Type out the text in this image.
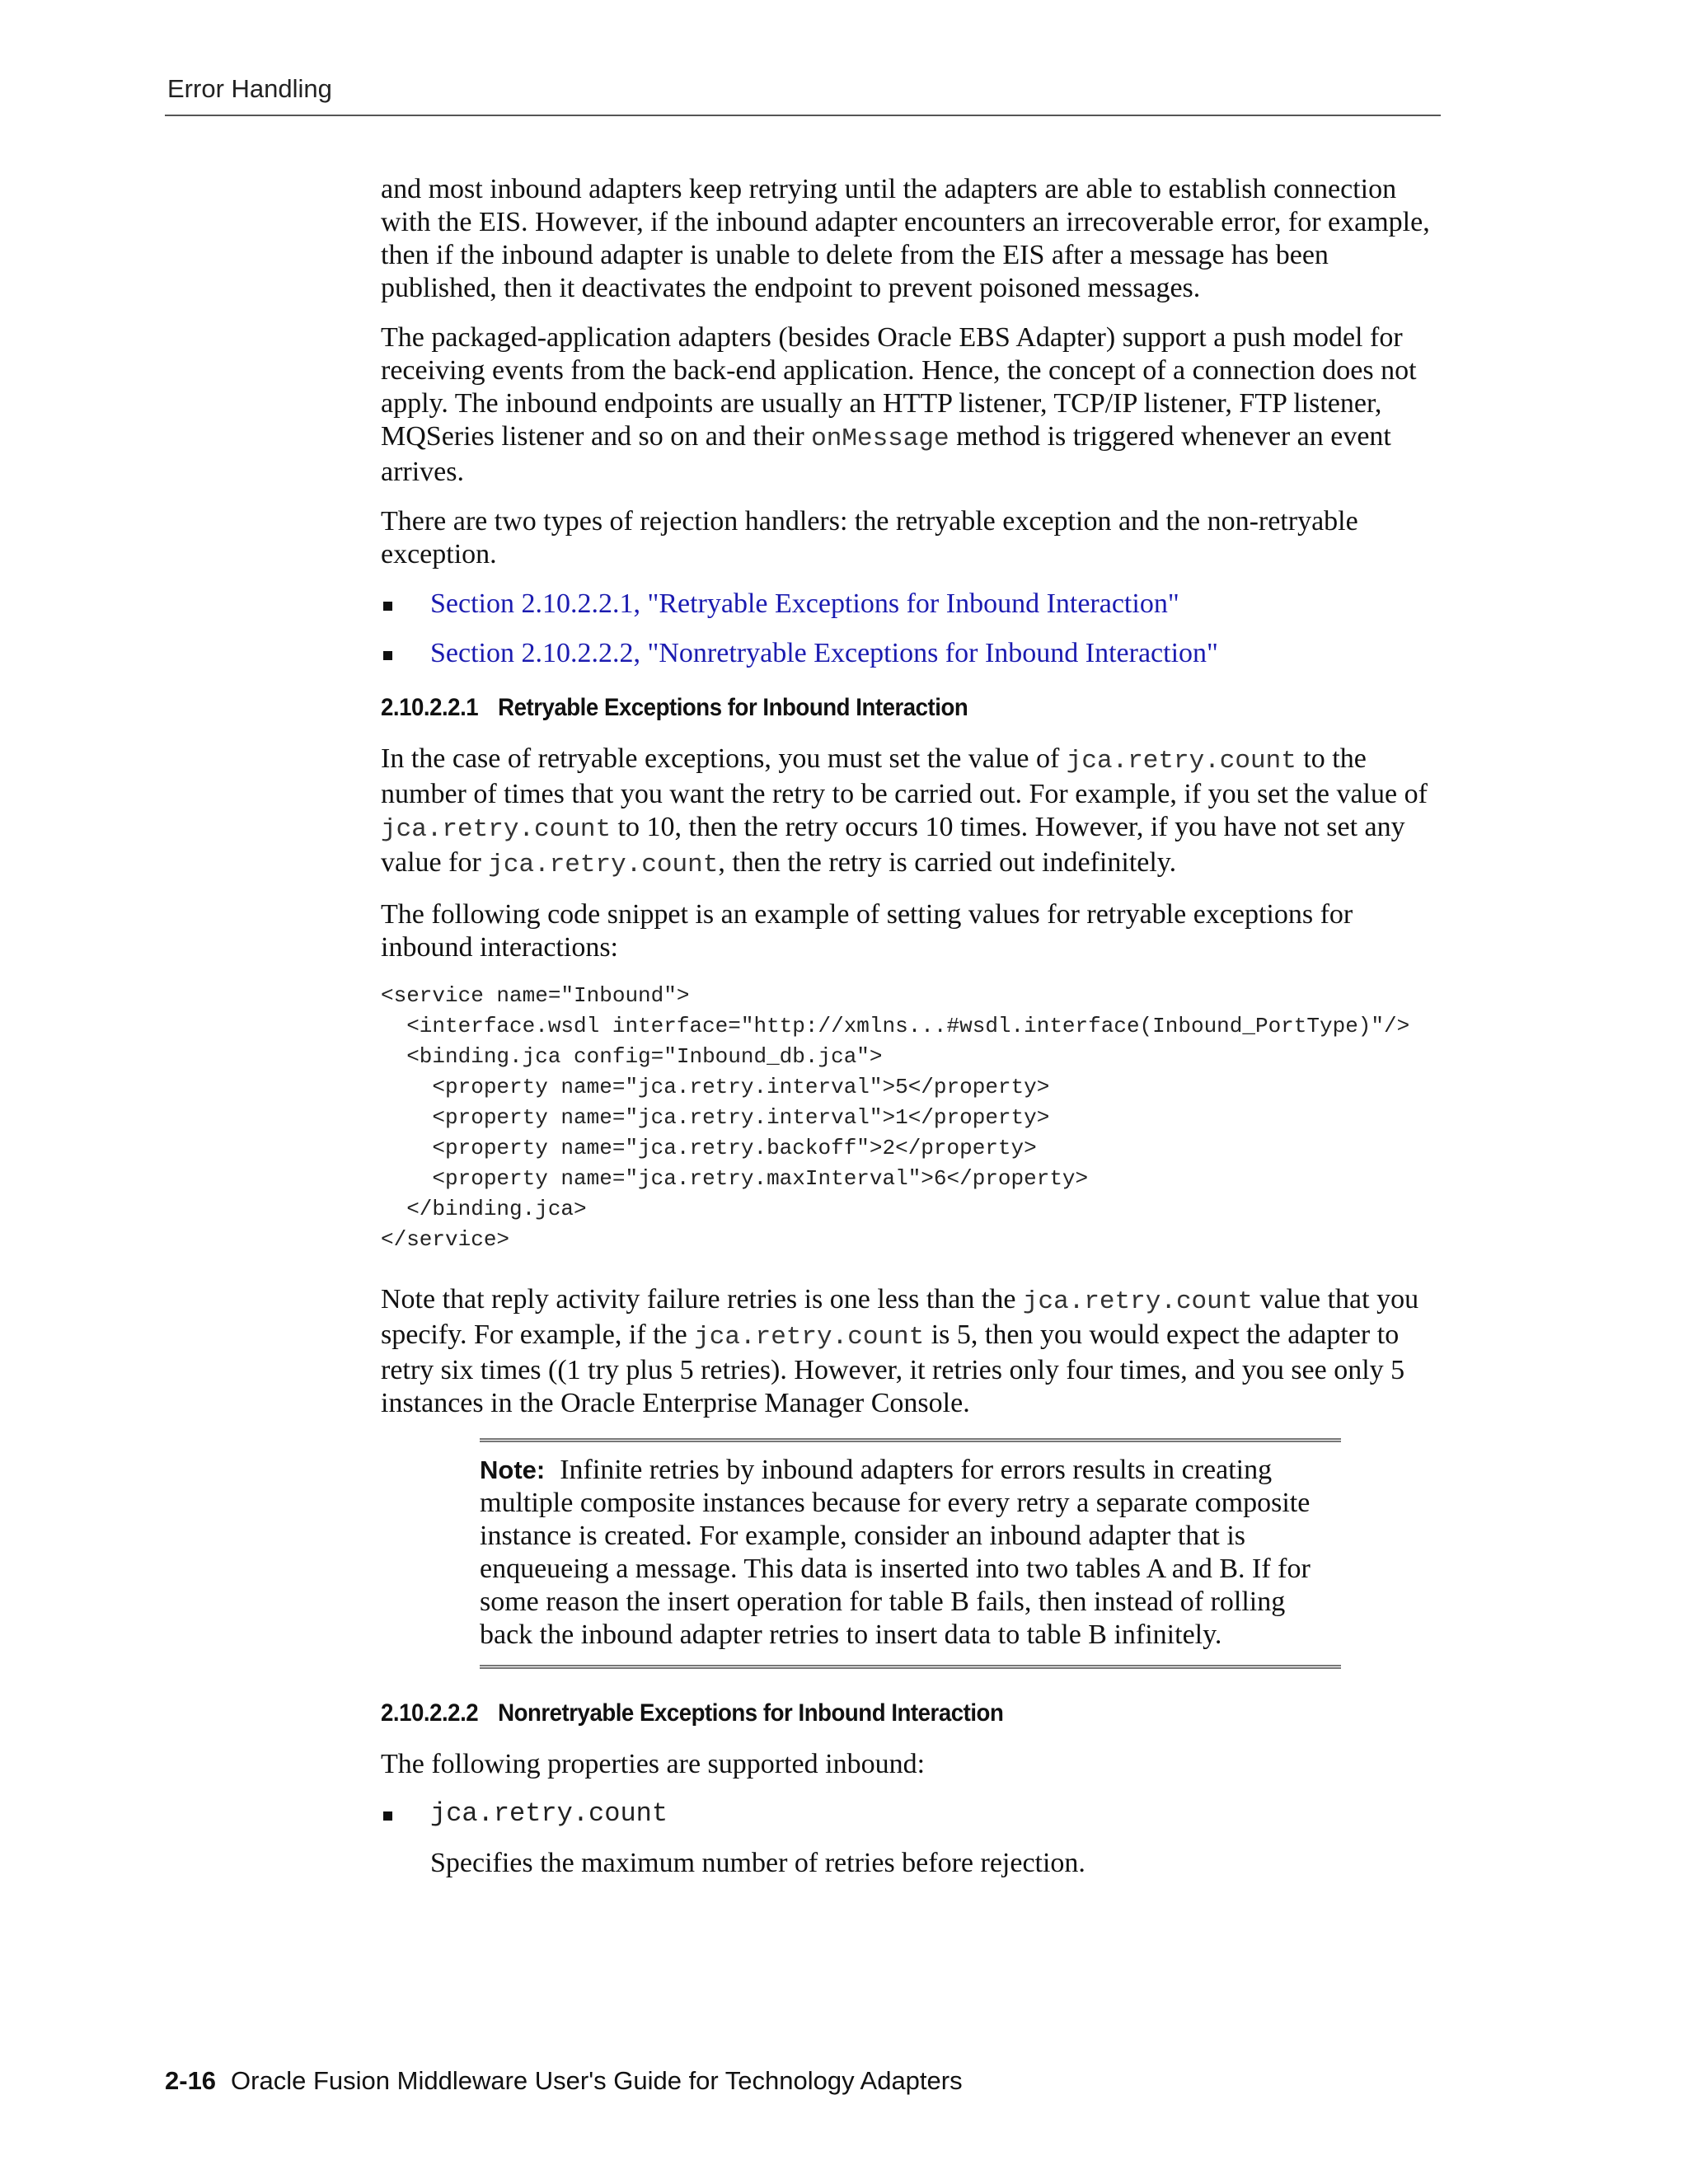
Error Handling

and most inbound adapters keep retrying until the adapters are able to establish connection with the EIS. However, if the inbound adapter encounters an irrecoverable error, for example, then if the inbound adapter is unable to delete from the EIS after a message has been published, then it deactivates the endpoint to prevent poisoned messages.

The packaged-application adapters (besides Oracle EBS Adapter) support a push model for receiving events from the back-end application. Hence, the concept of a connection does not apply. The inbound endpoints are usually an HTTP listener, TCP/IP listener, FTP listener, MQSeries listener and so on and their onMessage method is triggered whenever an event arrives.

There are two types of rejection handlers: the retryable exception and the non-retryable exception.

Section 2.10.2.2.1, "Retryable Exceptions for Inbound Interaction"
Section 2.10.2.2.2, "Nonretryable Exceptions for Inbound Interaction"
2.10.2.2.1 Retryable Exceptions for Inbound Interaction

In the case of retryable exceptions, you must set the value of jca.retry.count to the number of times that you want the retry to be carried out. For example, if you set the value of jca.retry.count to 10, then the retry occurs 10 times. However, if you have not set any value for jca.retry.count, then the retry is carried out indefinitely.

The following code snippet is an example of setting values for retryable exceptions for inbound interactions:

<service name="Inbound">
<interface.wsdl interface="http://xmlns...#wsdl.interface(Inbound_PortType)"/>
<binding.jca config="Inbound_db.jca">
<property name="jca.retry.interval">5</property>
<property name="jca.retry.interval">1</property>
<property name="jca.retry.backoff">2</property>
<property name="jca.retry.maxInterval">6</property>
</binding.jca>
</service>

Note that reply activity failure retries is one less than the jca.retry.count value that you specify. For example, if the jca.retry.count is 5, then you would expect the adapter to retry six times ((1 try plus 5 retries). However, it retries only four times, and you see only 5 instances in the Oracle Enterprise Manager Console.

Note: Infinite retries by inbound adapters for errors results in creating multiple composite instances because for every retry a separate composite instance is created. For example, consider an inbound adapter that is enqueueing a message. This data is inserted into two tables A and B. If for some reason the insert operation for table B fails, then instead of rolling back the inbound adapter retries to insert data to table B infinitely.

2.10.2.2.2 Nonretryable Exceptions for Inbound Interaction

The following properties are supported inbound:

jca.retry.count
Specifies the maximum number of retries before rejection.
2-16 Oracle Fusion Middleware User's Guide for Technology Adapters
